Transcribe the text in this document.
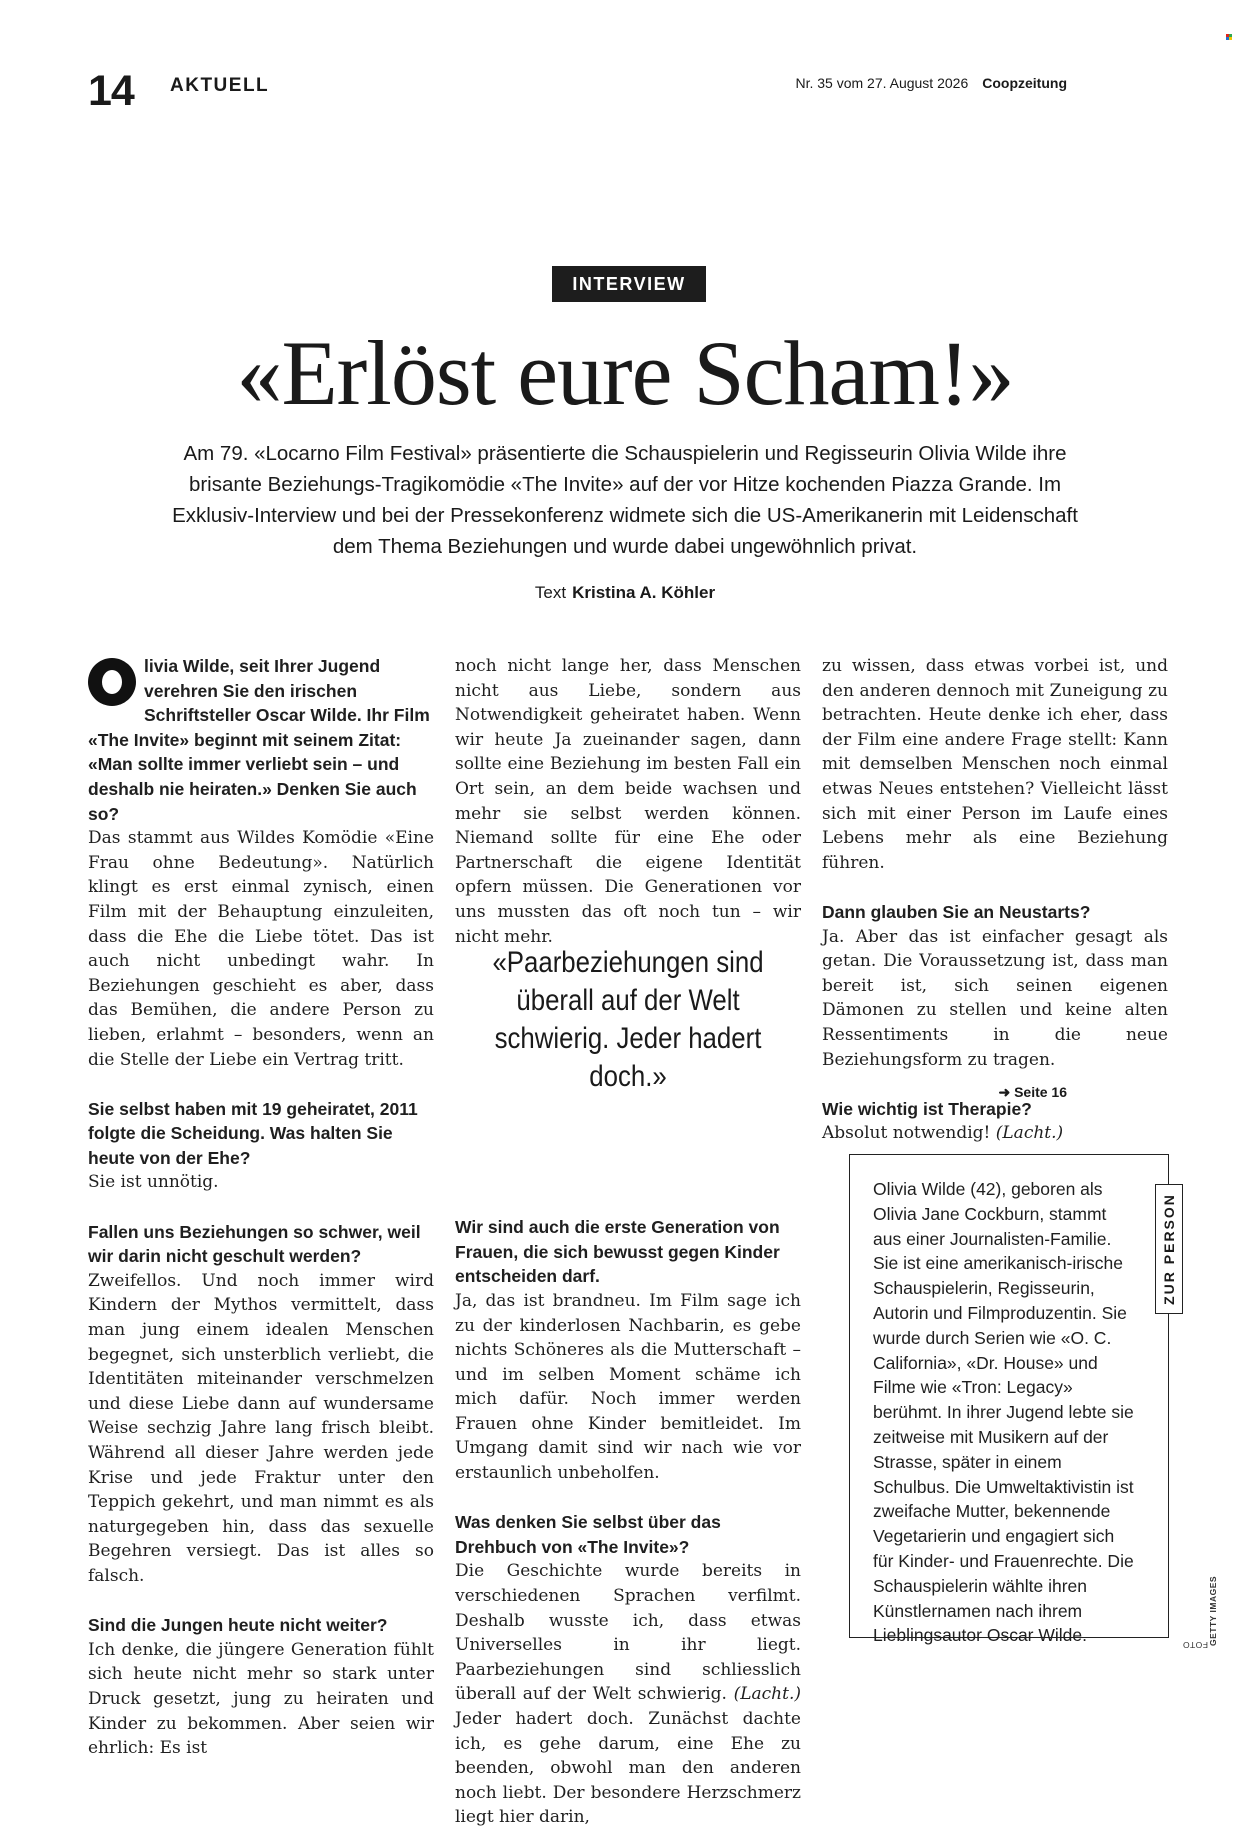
14 AKTUELL	Nr. 35 vom 27. August 2026 Coopzeitung
INTERVIEW
«Erlöst eure Scham!»
Am 79. «Locarno Film Festival» präsentierte die Schauspielerin und Regisseurin Olivia Wilde ihre brisante Beziehungs-Tragikomödie «The Invite» auf der vor Hitze kochenden Piazza Grande. Im Exklusiv-Interview und bei der Pressekonferenz widmete sich die US-Amerikanerin mit Leidenschaft dem Thema Beziehungen und wurde dabei ungewöhnlich privat.
Text Kristina A. Köhler

livia Wilde, seit Ihrer Jugend verehren Sie den irischen Schriftsteller Oscar Wilde. Ihr Film «The Invite» beginnt mit seinem Zitat: «Man sollte immer verliebt sein – und deshalb nie heiraten.» Denken Sie auch so?

Das stammt aus Wildes Komödie «Eine Frau ohne Bedeutung». Natürlich klingt es erst einmal zynisch, einen Film mit der Behauptung einzuleiten, dass die Ehe die Liebe tötet. Das ist auch nicht unbedingt wahr. In Beziehungen geschieht es aber, dass das Bemühen, die andere Person zu lieben, erlahmt – besonders, wenn an die Stelle der Liebe ein Vertrag tritt.

Sie selbst haben mit 19 geheiratet, 2011 folgte die Scheidung. Was halten Sie heute von der Ehe?

Sie ist unnötig.

Fallen uns Beziehungen so schwer, weil wir darin nicht geschult werden?

Zweifellos. Und noch immer wird Kindern der Mythos vermittelt, dass man jung einem idealen Menschen begegnet, sich unsterblich verliebt, die Identitäten miteinander verschmelzen und diese Liebe dann auf wundersame Weise sechzig Jahre lang frisch bleibt. Während all dieser Jahre werden jede Krise und jede Fraktur unter den Teppich gekehrt, und man nimmt es als naturgegeben hin, dass das sexuelle Begehren versiegt. Das ist alles so falsch.

Sind die Jungen heute nicht weiter?

Ich denke, die jüngere Generation fühlt sich heute nicht mehr so stark unter Druck gesetzt, jung zu heiraten und Kinder zu bekommen. Aber seien wir ehrlich: Es ist

noch nicht lange her, dass Menschen nicht aus Liebe, sondern aus Notwendigkeit geheiratet haben. Wenn wir heute Ja zueinander sagen, dann sollte eine Beziehung im besten Fall ein Ort sein, an dem beide wachsen und mehr sie selbst werden können. Niemand sollte für eine Ehe oder Partnerschaft die eigene Identität opfern müssen. Die Generationen vor uns mussten das oft noch tun – wir nicht mehr.

Wir sind auch die erste Generation von Frauen, die sich bewusst gegen Kinder entscheiden darf.

Ja, das ist brandneu. Im Film sage ich zu der kinderlosen Nachbarin, es gebe nichts Schöneres als die Mutterschaft – und im selben Moment schäme ich mich dafür. Noch immer werden Frauen ohne Kinder bemitleidet. Im Umgang damit sind wir nach wie vor erstaunlich unbeholfen.

Was denken Sie selbst über das Drehbuch von «The Invite»?

Die Geschichte wurde bereits in verschiedenen Sprachen verfilmt. Deshalb wusste ich, dass etwas Universelles in ihr liegt. Paarbeziehungen sind schliesslich überall auf der Welt schwierig. (Lacht.) Jeder hadert doch. Zunächst dachte ich, es gehe darum, eine Ehe zu beenden, obwohl man den anderen noch liebt. Der besondere Herzschmerz liegt hier darin,

«Paarbeziehungen sind überall auf der Welt schwierig. Jeder hadert doch.»

zu wissen, dass etwas vorbei ist, und den anderen dennoch mit Zuneigung zu betrachten. Heute denke ich eher, dass der Film eine andere Frage stellt: Kann mit demselben Menschen noch einmal etwas Neues entstehen? Vielleicht lässt sich mit einer Person im Laufe eines Lebens mehr als eine Beziehung führen.

Dann glauben Sie an Neustarts?

Ja. Aber das ist einfacher gesagt als getan. Die Voraussetzung ist, dass man bereit ist, sich seinen eigenen Dämonen zu stellen und keine alten Ressentiments in die neue Beziehungsform zu tragen.

Wie wichtig ist Therapie?

Absolut notwendig! (Lacht.)

➜ Seite 16
Olivia Wilde (42), geboren als Olivia Jane Cockburn, stammt aus einer Journalisten-Familie. Sie ist eine amerikanisch-irische Schauspielerin, Regisseurin, Autorin und Filmproduzentin. Sie wurde durch Serien wie «O. C. California», «Dr. House» und Filme wie «Tron: Legacy» berühmt. In ihrer Jugend lebte sie zeitweise mit Musikern auf der Strasse, später in einem Schulbus. Die Umweltaktivistin ist zweifache Mutter, bekennende Vegetarierin und engagiert sich für Kinder- und Frauenrechte. Die Schauspielerin wählte ihren Künstlernamen nach ihrem Lieblingsautor Oscar Wilde.
ZUR PERSON
FOTO GETTY IMAGES
